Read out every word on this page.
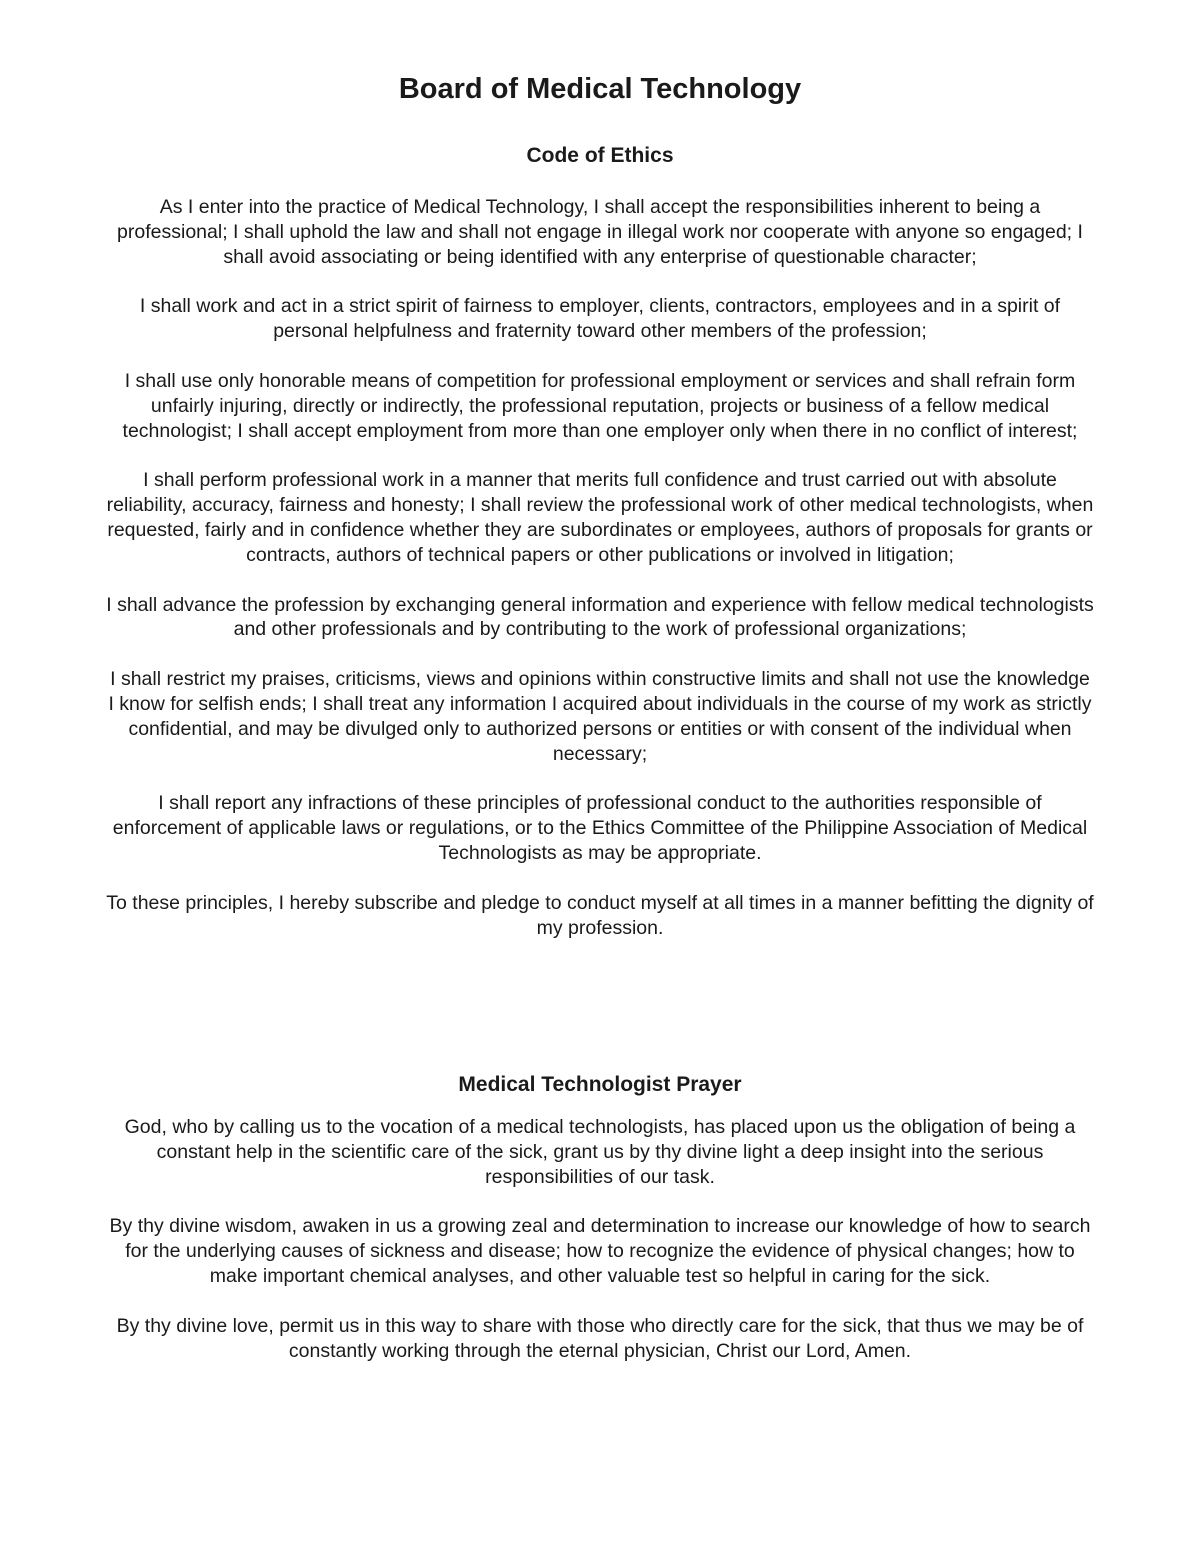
Board of Medical Technology
Code of Ethics

As I enter into the practice of Medical Technology, I shall accept the responsibilities inherent to being a professional; I shall uphold the law and shall not engage in illegal work nor cooperate with anyone so engaged; I shall avoid associating or being identified with any enterprise of questionable character;

I shall work and act in a strict spirit of fairness to employer, clients, contractors, employees and in a spirit of personal helpfulness and fraternity toward other members of the profession;

I shall use only honorable means of competition for professional employment or services and shall refrain form unfairly injuring, directly or indirectly, the professional reputation, projects or business of a fellow medical technologist; I shall accept employment from more than one employer only when there in no conflict of interest;

I shall perform professional work in a manner that merits full confidence and trust carried out with absolute reliability, accuracy, fairness and honesty; I shall review the professional work of other medical technologists, when requested, fairly and in confidence whether they are subordinates or employees, authors of proposals for grants or contracts, authors of technical papers or other publications or involved in litigation;

I shall advance the profession by exchanging general information and experience with fellow medical technologists and other professionals and by contributing to the work of professional organizations;

I shall restrict my praises, criticisms, views and opinions within constructive limits and shall not use the knowledge I know for selfish ends; I shall treat any information I acquired about individuals in the course of my work as strictly confidential, and may be divulged only to authorized persons or entities or with consent of the individual when necessary;

I shall report any infractions of these principles of professional conduct to the authorities responsible of enforcement of applicable laws or regulations, or to the Ethics Committee of the Philippine Association of Medical Technologists as may be appropriate.

To these principles, I hereby subscribe and pledge to conduct myself at all times in a manner befitting the dignity of my profession.

Medical Technologist Prayer

God, who by calling us to the vocation of a medical technologists, has placed upon us the obligation of being a constant help in the scientific care of the sick, grant us by thy divine light a deep insight into the serious responsibilities of our task.

By thy divine wisdom, awaken in us a growing zeal and determination to increase our knowledge of how to search for the underlying causes of sickness and disease; how to recognize the evidence of physical changes; how to make important chemical analyses, and other valuable test so helpful in caring for the sick.

By thy divine love, permit us in this way to share with those who directly care for the sick, that thus we may be of constantly working through the eternal physician, Christ our Lord, Amen.
